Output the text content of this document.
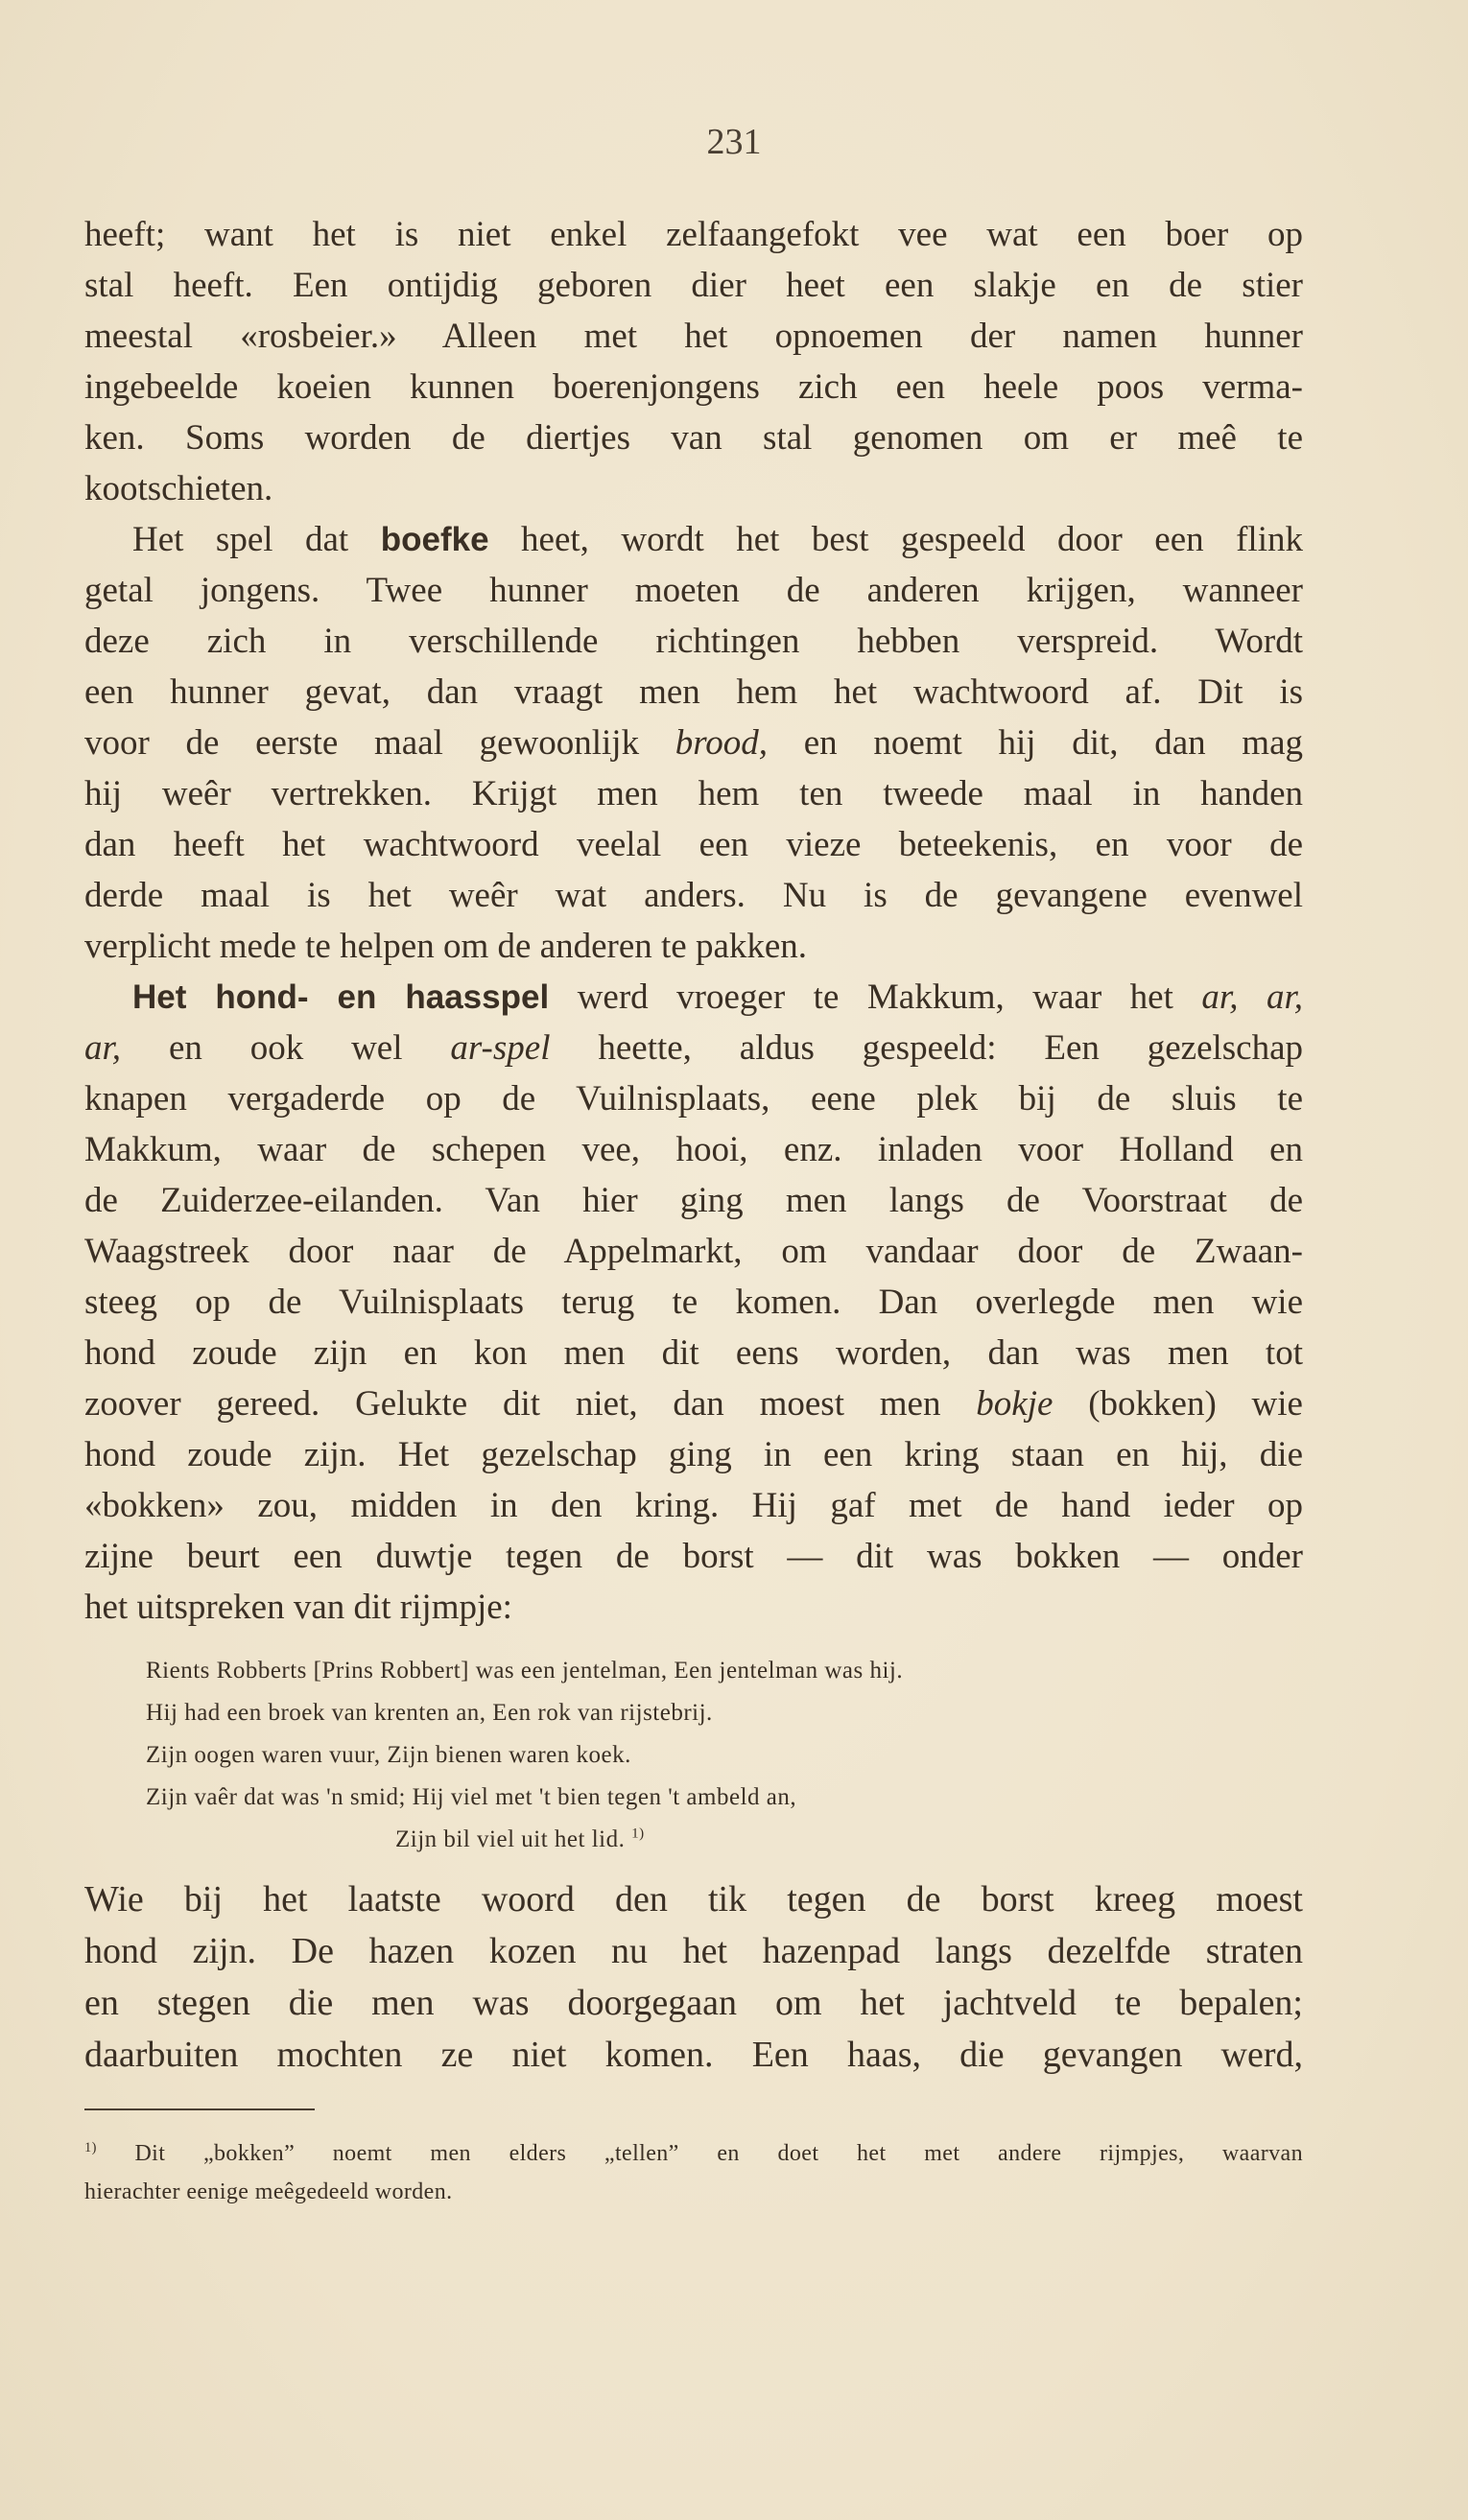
231
heeft; want het is niet enkel zelfaangefokt vee wat een boer op
stal heeft. Een ontijdig geboren dier heet een slakje en de stier
meestal «rosbeier.» Alleen met het opnoemen der namen hunner
ingebeelde koeien kunnen boerenjongens zich een heele poos verma-
ken. Soms worden de diertjes van stal genomen om er meê te
kootschieten.
Het spel dat boefke heet, wordt het best gespeeld door een flink
getal jongens. Twee hunner moeten de anderen krijgen, wanneer
deze zich in verschillende richtingen hebben verspreid. Wordt
een hunner gevat, dan vraagt men hem het wachtwoord af. Dit is
voor de eerste maal gewoonlijk brood, en noemt hij dit, dan mag
hij weêr vertrekken. Krijgt men hem ten tweede maal in handen
dan heeft het wachtwoord veelal een vieze beteekenis, en voor de
derde maal is het weêr wat anders. Nu is de gevangene evenwel
verplicht mede te helpen om de anderen te pakken.
Het hond- en haasspel werd vroeger te Makkum, waar het ar, ar,
ar, en ook wel ar-spel heette, aldus gespeeld: Een gezelschap
knapen vergaderde op de Vuilnisplaats, eene plek bij de sluis te
Makkum, waar de schepen vee, hooi, enz. inladen voor Holland en
de Zuiderzee-eilanden. Van hier ging men langs de Voorstraat de
Waagstreek door naar de Appelmarkt, om vandaar door de Zwaan-
steeg op de Vuilnisplaats terug te komen. Dan overlegde men wie
hond zoude zijn en kon men dit eens worden, dan was men tot
zoover gereed. Gelukte dit niet, dan moest men bokje (bokken) wie
hond zoude zijn. Het gezelschap ging in een kring staan en hij, die
«bokken» zou, midden in den kring. Hij gaf met de hand ieder op
zijne beurt een duwtje tegen de borst — dit was bokken — onder
het uitspreken van dit rijmpje:
Rients Robberts [Prins Robbert] was een jentelman, Een jentelman was hij.
Hij had een broek van krenten an, Een rok van rijstebrij.
Zijn oogen waren vuur, Zijn bienen waren koek.
Zijn vaêr dat was 'n smid; Hij viel met 't bien tegen 't ambeld an,
Zijn bil viel uit het lid. $^{1)}$
Wie bij het laatste woord den tik tegen de borst kreeg moest
hond zijn. De hazen kozen nu het hazenpad langs dezelfde straten
en stegen die men was doorgegaan om het jachtveld te bepalen;
daarbuiten mochten ze niet komen. Een haas, die gevangen werd,
$^{1)}$ Dit „bokken” noemt men elders „tellen” en doet het met andere rijmpjes, waarvan
hierachter eenige meêgedeeld worden.
